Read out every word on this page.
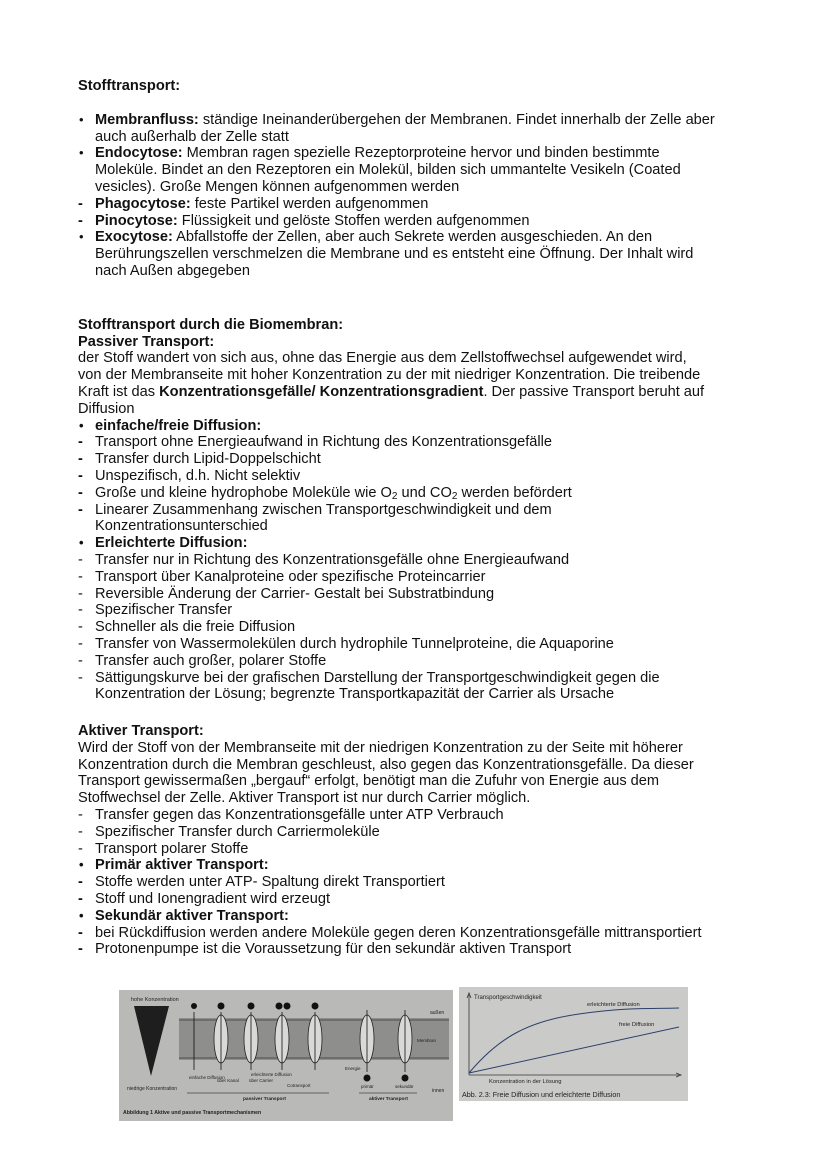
Stofftransport:
• Membranfluss: ständige Ineinanderübergehen der Membranen. Findet innerhalb der Zelle aber
auch außerhalb der Zelle statt
• Endocytose: Membran ragen spezielle Rezeptorproteine hervor und binden bestimmte
Moleküle. Bindet an den Rezeptoren ein Molekül, bilden sich ummantelte Vesikeln (Coated
vesicles). Große Mengen können aufgenommen werden
- Phagocytose: feste Partikel werden aufgenommen
- Pinocytose: Flüssigkeit und gelöste Stoffen werden aufgenommen
• Exocytose: Abfallstoffe der Zellen, aber auch Sekrete werden ausgeschieden. An den
Berührungszellen verschmelzen die Membrane und es entsteht eine Öffnung. Der Inhalt wird
nach Außen abgegeben
Stofftransport durch die Biomembran:
Passiver Transport:
der Stoff wandert von sich aus, ohne das Energie aus dem Zellstoffwechsel aufgewendet wird,
von der Membranseite mit hoher Konzentration zu der mit niedriger Konzentration. Die treibende
Kraft ist das Konzentrationsgefälle/ Konzentrationsgradient. Der passive Transport beruht auf
Diffusion
• einfache/freie Diffusion:
- Transport ohne Energieaufwand in Richtung des Konzentrationsgefälle
- Transfer durch Lipid-Doppelschicht
- Unspezifisch, d.h. Nicht selektiv
- Große und kleine hydrophobe Moleküle wie $O_2$ und $CO_2$ werden befördert
- Linearer Zusammenhang zwischen Transportgeschwindigkeit und dem
Konzentrationsunterschied
• Erleichterte Diffusion:
- Transfer nur in Richtung des Konzentrationsgefälle ohne Energieaufwand
- Transport über Kanalproteine oder spezifische Proteincarrier
- Reversible Änderung der Carrier- Gestalt bei Substratbindung
- Spezifischer Transfer
- Schneller als die freie Diffusion
- Transfer von Wassermolekülen durch hydrophile Tunnelproteine, die Aquaporine
- Transfer auch großer, polarer Stoffe
- Sättigungskurve bei der grafischen Darstellung der Transportgeschwindigkeit gegen die
Konzentration der Lösung; begrenzte Transportkapazität der Carrier als Ursache
Aktiver Transport:
Wird der Stoff von der Membranseite mit der niedrigen Konzentration zu der Seite mit höherer
Konzentration durch die Membran geschleust, also gegen das Konzentrationsgefälle. Da dieser
Transport gewissermaßen „bergauf“ erfolgt, benötigt man die Zufuhr von Energie aus dem
Stoffwechsel der Zelle. Aktiver Transport ist nur durch Carrier möglich.
- Transfer gegen das Konzentrationsgefälle unter ATP Verbrauch
- Spezifischer Transfer durch Carriermoleküle
- Transport polarer Stoffe
• Primär aktiver Transport:
- Stoffe werden unter ATP- Spaltung direkt Transportiert
- Stoff und Ionengradient wird erzeugt
• Sekundär aktiver Transport:
- bei Rückdiffusion werden andere Moleküle gegen deren Konzentrationsgefälle mittransportiert
- Protonenpumpe ist die Voraussetzung für den sekundär aktiven Transport
hohe Konzentration
niedrige Konzentration
außen
Membran
innen
Energie
einfache Diffusion
über Kanal über Carrier
erleichterte Diffusion
Cotransport	primär	sekundär
passiver Transport	aktiver Transport
Abbildung 1 Aktive und passive Transportmechanismen
Transportgeschwindigkeit
Konzentration in der Lösung
erleichterte Diffusion
freie Diffusion
Abb. 2.3: Freie Diffusion und erleichterte Diffusion
